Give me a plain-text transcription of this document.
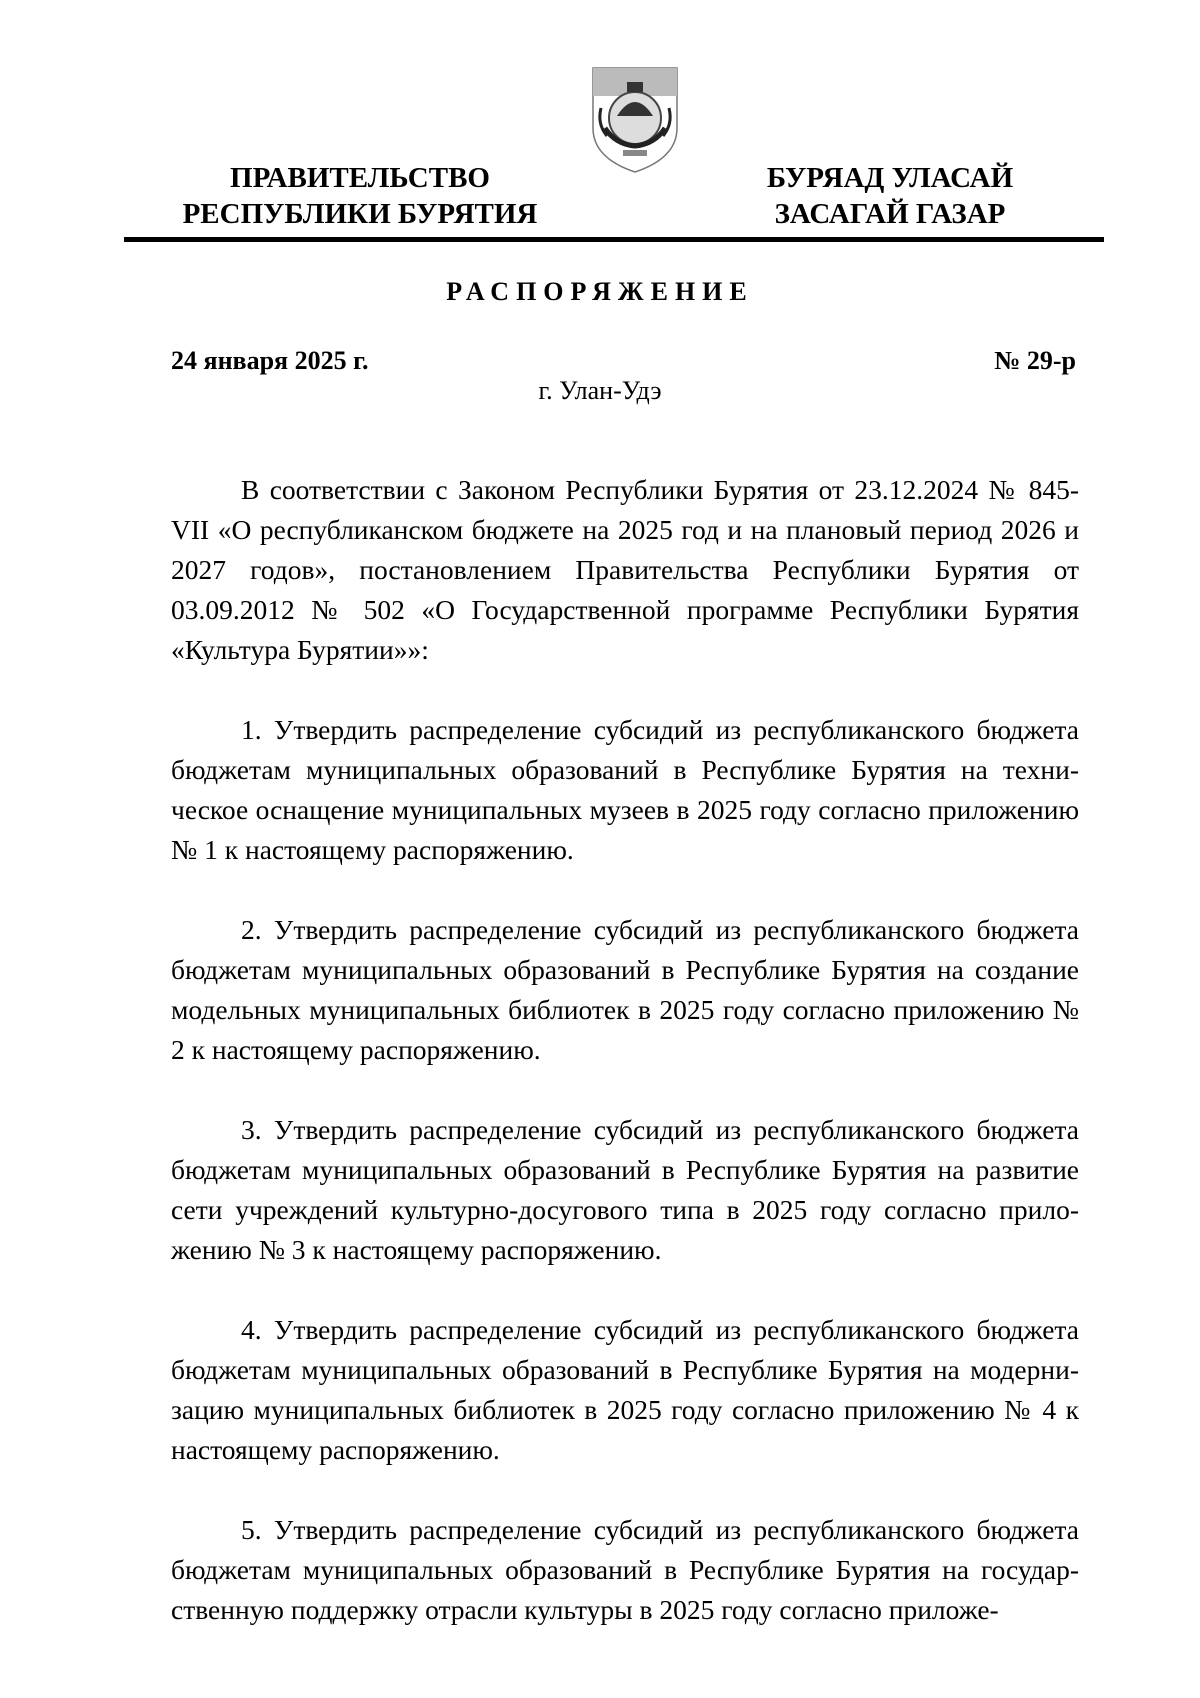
ПРАВИТЕЛЬСТВО
РЕСПУБЛИКИ БУРЯТИЯ
БУРЯАД УЛАСАЙ
ЗАСАГАЙ ГАЗАР
РАСПОРЯЖЕНИЕ
24 января 2025 г.	№ 29-р
г. Улан-Удэ

В соответствии с Законом Республики Бурятия от 23.12.2024 № 845-VII «О республиканском бюджете на 2025 год и на плановый период 2026 и 2027 годов», постановлением Правительства Республики Бурятия от 03.09.2012 № 502 «О Государственной программе Республики Бурятия «Культура Бурятии»»:

1. Утвердить распределение субсидий из республиканского бюджета бюджетам муниципальных образований в Республике Бурятия на техническое оснащение муниципальных музеев в 2025 году согласно приложению № 1 к настоящему распоряжению.

2. Утвердить распределение субсидий из республиканского бюджета бюджетам муниципальных образований в Республике Бурятия на создание модельных муниципальных библиотек в 2025 году согласно приложению № 2 к настоящему распоряжению.

3. Утвердить распределение субсидий из республиканского бюджета бюджетам муниципальных образований в Республике Бурятия на развитие сети учреждений культурно-досугового типа в 2025 году согласно приложению № 3 к настоящему распоряжению.

4. Утвердить распределение субсидий из республиканского бюджета бюджетам муниципальных образований в Республике Бурятия на модернизацию муниципальных библиотек в 2025 году согласно приложению № 4 к настоящему распоряжению.

5. Утвердить распределение субсидий из республиканского бюджета бюджетам муниципальных образований в Республике Бурятия на государственную поддержку отрасли культуры в 2025 году согласно приложе-
